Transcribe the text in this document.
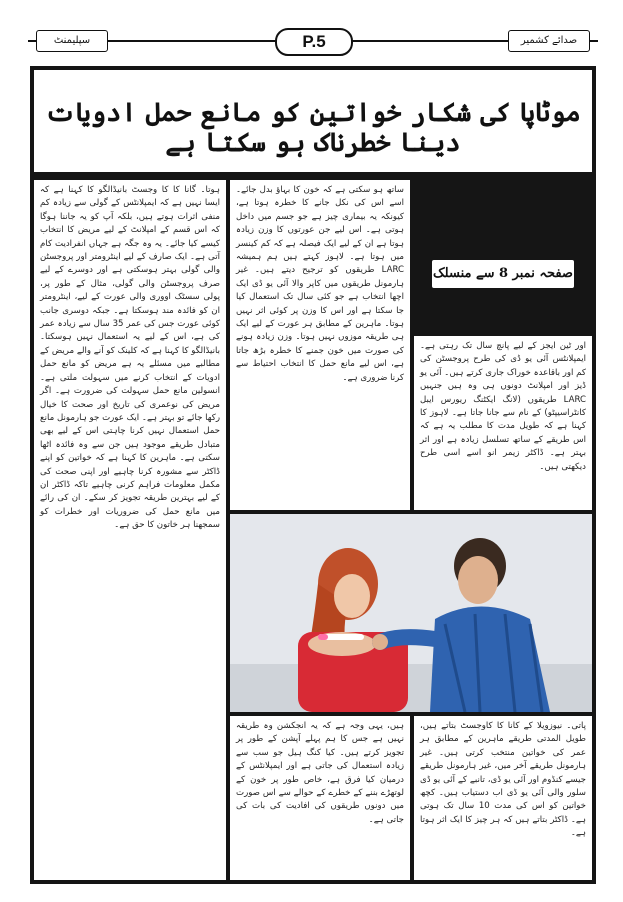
سپلیمنٹ	P.5	صدائے کشمیر
موٹاپا کی شکار خواتین کو مانع حمل ادویات دینا خطرناک ہو سکتا ہے

ہوتا۔ گانا کا کا وجسٹ بانیڈالگو کا کہنا ہے کہ ایسا نہیں ہے کہ ایمپلانٹس کے گولی سے زیادہ کم منفی اثرات ہوتے ہیں، بلکہ آپ کو یہ جاننا ہوگا کہ اس قسم کے امپلانٹ کے لیے مریض کا انتخاب کیسے کیا جائے۔ یہ وہ جگہ ہے جہاں انفرادیت کام آتی ہے۔ ایک صارف کے لیے اینٹرومتر اور پروجسٹن والی گولی بہتر ہوسکتی ہے اور دوسرے کے لیے صرف پروجسٹن والی گولی، مثال کے طور پر، پولی سسٹک اووری والی عورت کے لیے، اینٹرومتر ان کو فائدہ مند ہوسکتا ہے۔ جبکہ دوسری جانب کوئی عورت جس کی عمر 35 سال سے زیادہ عمر کی ہے، اس کے لیے یہ استعمال نہیں ہوسکتا۔ بانیڈالگو کا کہنا ہے کہ کلینک کو آنے والے مریض کے مطالبے میں مسئلے یہ ہے مریض کو مانع حمل ادویات کے انتخاب کرنے میں سہولت ملتی ہے۔ انسولین مانع حمل سہولت کی ضرورت ہے۔ اگر مریض کی نوعمری کی تاریخ اور صحت کا خیال رکھا جائے تو بہتر ہے۔ ایک عورت جو ہارمونل مانع حمل استعمال نہیں کرنا چاہتی اس کے لیے بھی متبادل طریقے موجود ہیں جن سے وہ فائدہ اٹھا سکتی ہے۔ ماہرین کا کہنا ہے کہ خواتین کو اپنے ڈاکٹر سے مشورہ کرنا چاہیے اور اپنی صحت کی مکمل معلومات فراہم کرنی چاہیے تاکہ ڈاکٹر ان کے لیے بہترین طریقہ تجویز کر سکے۔ ان کی رائے میں مانع حمل کی ضروریات اور خطرات کو سمجھنا ہر خاتون کا حق ہے۔

ساتھ ہو سکتی ہے کہ خون کا بہاؤ بدل جائے۔ اسے اس کی نکل جانے کا خطرہ ہوتا ہے، کیونکہ یہ بیماری چیز ہے جو جسم میں داخل ہوتی ہے۔ اس لیے جن عورتوں کا وزن زیادہ ہوتا ہے ان کے لیے ایک فیصلہ ہے کہ کم کینسر میں ہوتا ہے۔ لاہوز کہتے ہیں ہم ہمیشہ LARC طریقوں کو ترجیح دیتے ہیں۔ غیر ہارمونل طریقوں میں کاپر والا آئی یو ڈی ایک اچھا انتخاب ہے جو کئی سال تک استعمال کیا جا سکتا ہے اور اس کا وزن پر کوئی اثر نہیں ہوتا۔ ماہرین کے مطابق ہر عورت کے لیے ایک ہی طریقہ موزوں نہیں ہوتا۔ وزن زیادہ ہونے کی صورت میں خون جمنے کا خطرہ بڑھ جاتا ہے، اس لیے مانع حمل کا انتخاب احتیاط سے کرنا ضروری ہے۔

صفحہ نمبر 8 سے منسلک

اور ٹین ایجز کے لیے پانچ سال تک رہتی ہے۔ ایمپلانٹس آئی یو ڈی کی طرح پروجسٹن کی کم اور باقاعدہ خوراک جاری کرتے ہیں۔ آئی یو ڈیز اور امپلانٹ دونوں ہی وہ ہیں جنہیں LARC طریقوں (لانگ ایکٹنگ ریورس ایبل کانٹراسیپٹو) کے نام سے جانا جاتا ہے۔ لاہوز کا کہنا ہے کہ طویل مدت کا مطلب یہ ہے کہ اس طریقے کے ساتھ تسلسل زیادہ ہے اور اثر بہتر ہے۔ ڈاکٹر زیمر انو اسے اسی طرح دیکھتی ہیں۔

ہیں، یہی وجہ ہے کہ یہ انجکشن وہ طریقہ نہیں ہے جس کا ہم پہلے آپشن کے طور پر تجویز کرتے ہیں۔ کیا کنگ ہیل جو سب سے زیادہ استعمال کی جاتی ہے اور ایمپلانٹس کے درمیان کیا فرق ہے، خاص طور پر خون کے لوتھڑے بننے کے خطرے کے حوالے سے اس صورت میں دونوں طریقوں کی افادیت کی بات کی جاتی ہے۔

پاتی۔ نیوزویلا کے کانا کا کاوجسٹ بتاتے ہیں، طویل المدتی طریقے ماہرین کے مطابق ہر عمر کی خواتین منتخب کرتی ہیں۔ غیر ہارمونل طریقے آخر میں، غیر ہارمونل طریقے جیسے کنڈوم اور آئی یو ڈی، تانبے کے آئی یو ڈی سلور والی آئی یو ڈی اب دستیاب ہیں۔ کچھ خواتین کو اس کی مدت 10 سال تک ہوتی ہے۔ ڈاکٹر بتاتے ہیں کہ ہر چیز کا ایک اثر ہوتا ہے۔
